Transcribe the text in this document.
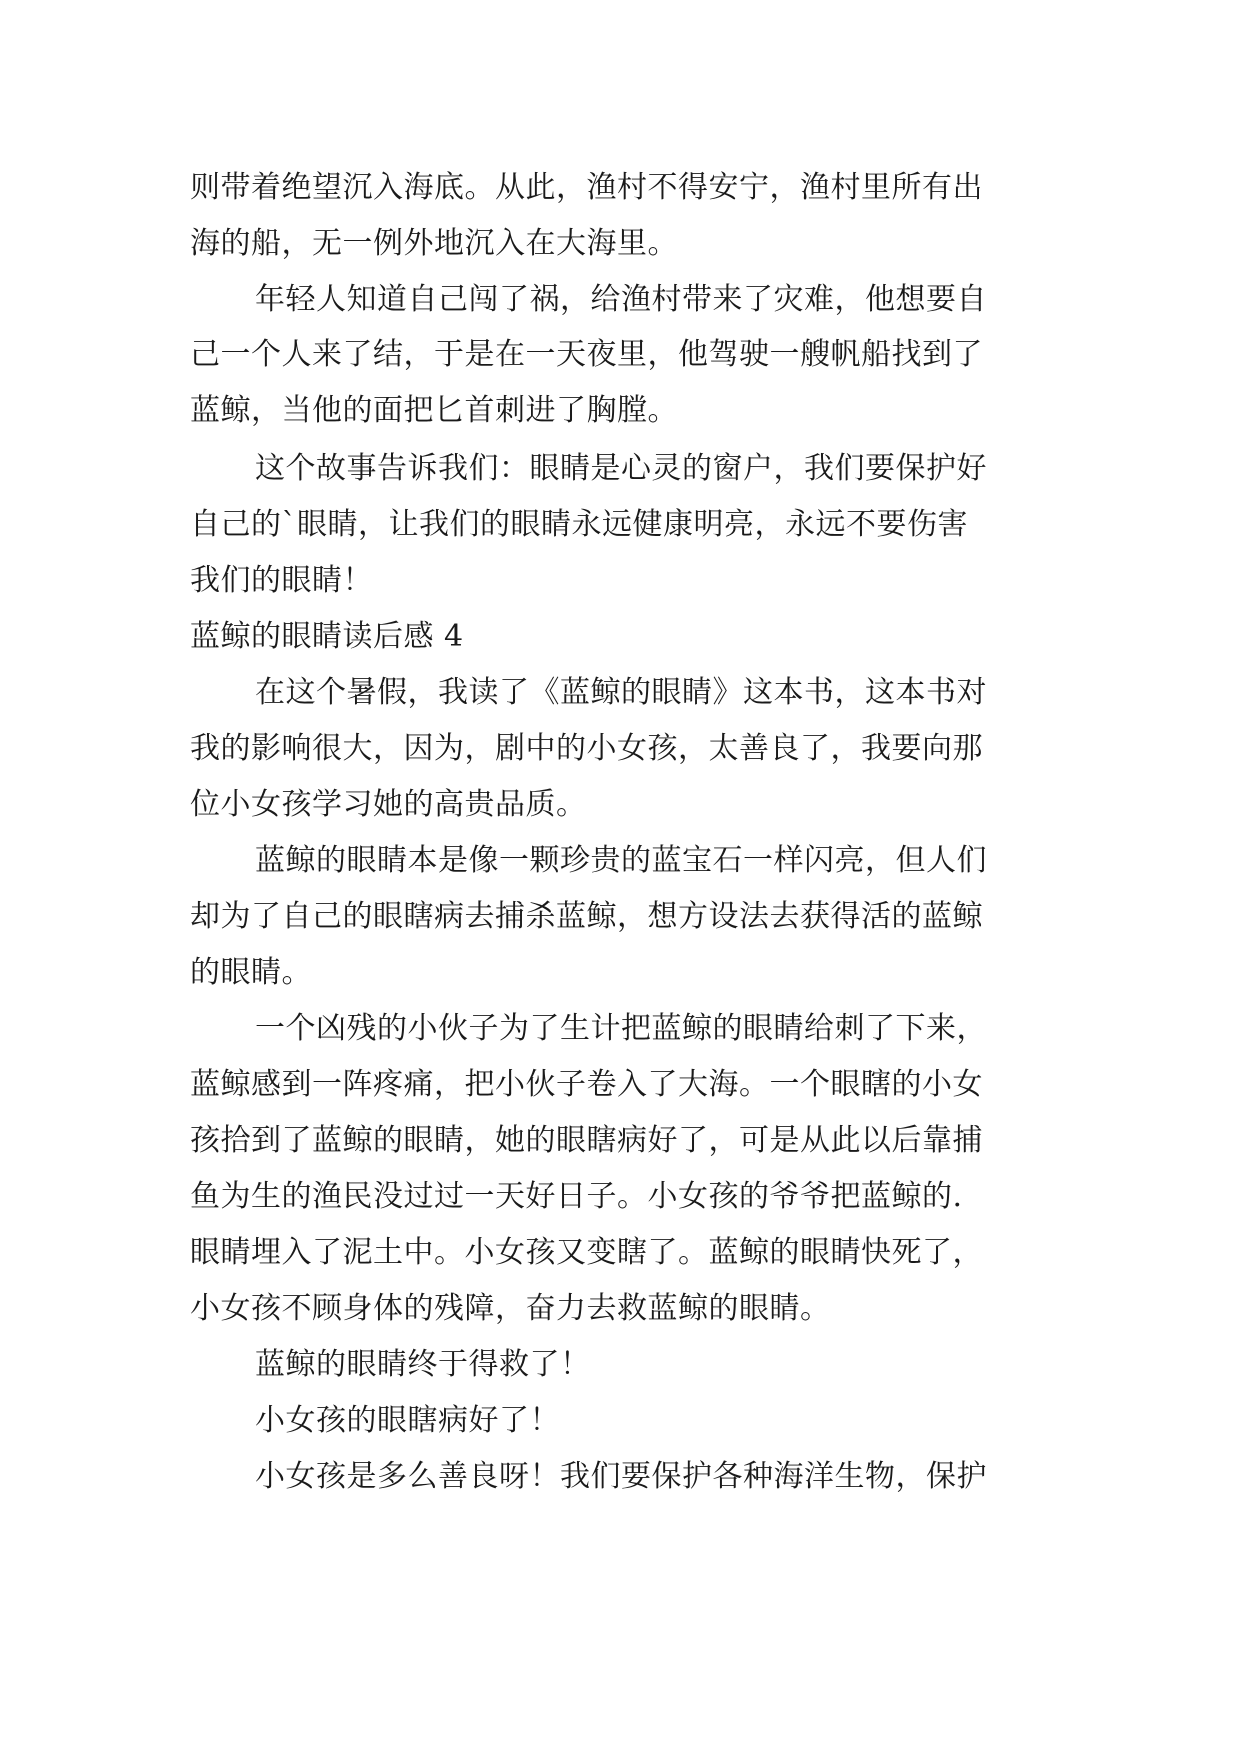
则带着绝望沉入海底。从此，渔村不得安宁，渔村里所有出
海的船，无一例外地沉入在大海里。
年轻人知道自己闯了祸，给渔村带来了灾难，他想要自
己一个人来了结，于是在一天夜里，他驾驶一艘帆船找到了
蓝鲸，当他的面把匕首刺进了胸膛。
这个故事告诉我们：眼睛是心灵的窗户，我们要保护好
自己的`眼睛，让我们的眼睛永远健康明亮，永远不要伤害
我们的眼睛！
蓝鲸的眼睛读后感 4
在这个暑假，我读了《蓝鲸的眼睛》这本书，这本书对
我的影响很大，因为，剧中的小女孩，太善良了，我要向那
位小女孩学习她的高贵品质。
蓝鲸的眼睛本是像一颗珍贵的蓝宝石一样闪亮，但人们
却为了自己的眼瞎病去捕杀蓝鲸，想方设法去获得活的蓝鲸
的眼睛。
一个凶残的小伙子为了生计把蓝鲸的眼睛给刺了下来，
蓝鲸感到一阵疼痛，把小伙子卷入了大海。一个眼瞎的小女
孩拾到了蓝鲸的眼睛，她的眼瞎病好了，可是从此以后靠捕
鱼为生的渔民没过过一天好日子。小女孩的爷爷把蓝鲸的.
眼睛埋入了泥土中。小女孩又变瞎了。蓝鲸的眼睛快死了，
小女孩不顾身体的残障，奋力去救蓝鲸的眼睛。
蓝鲸的眼睛终于得救了！
小女孩的眼瞎病好了！
小女孩是多么善良呀！我们要保护各种海洋生物，保护
